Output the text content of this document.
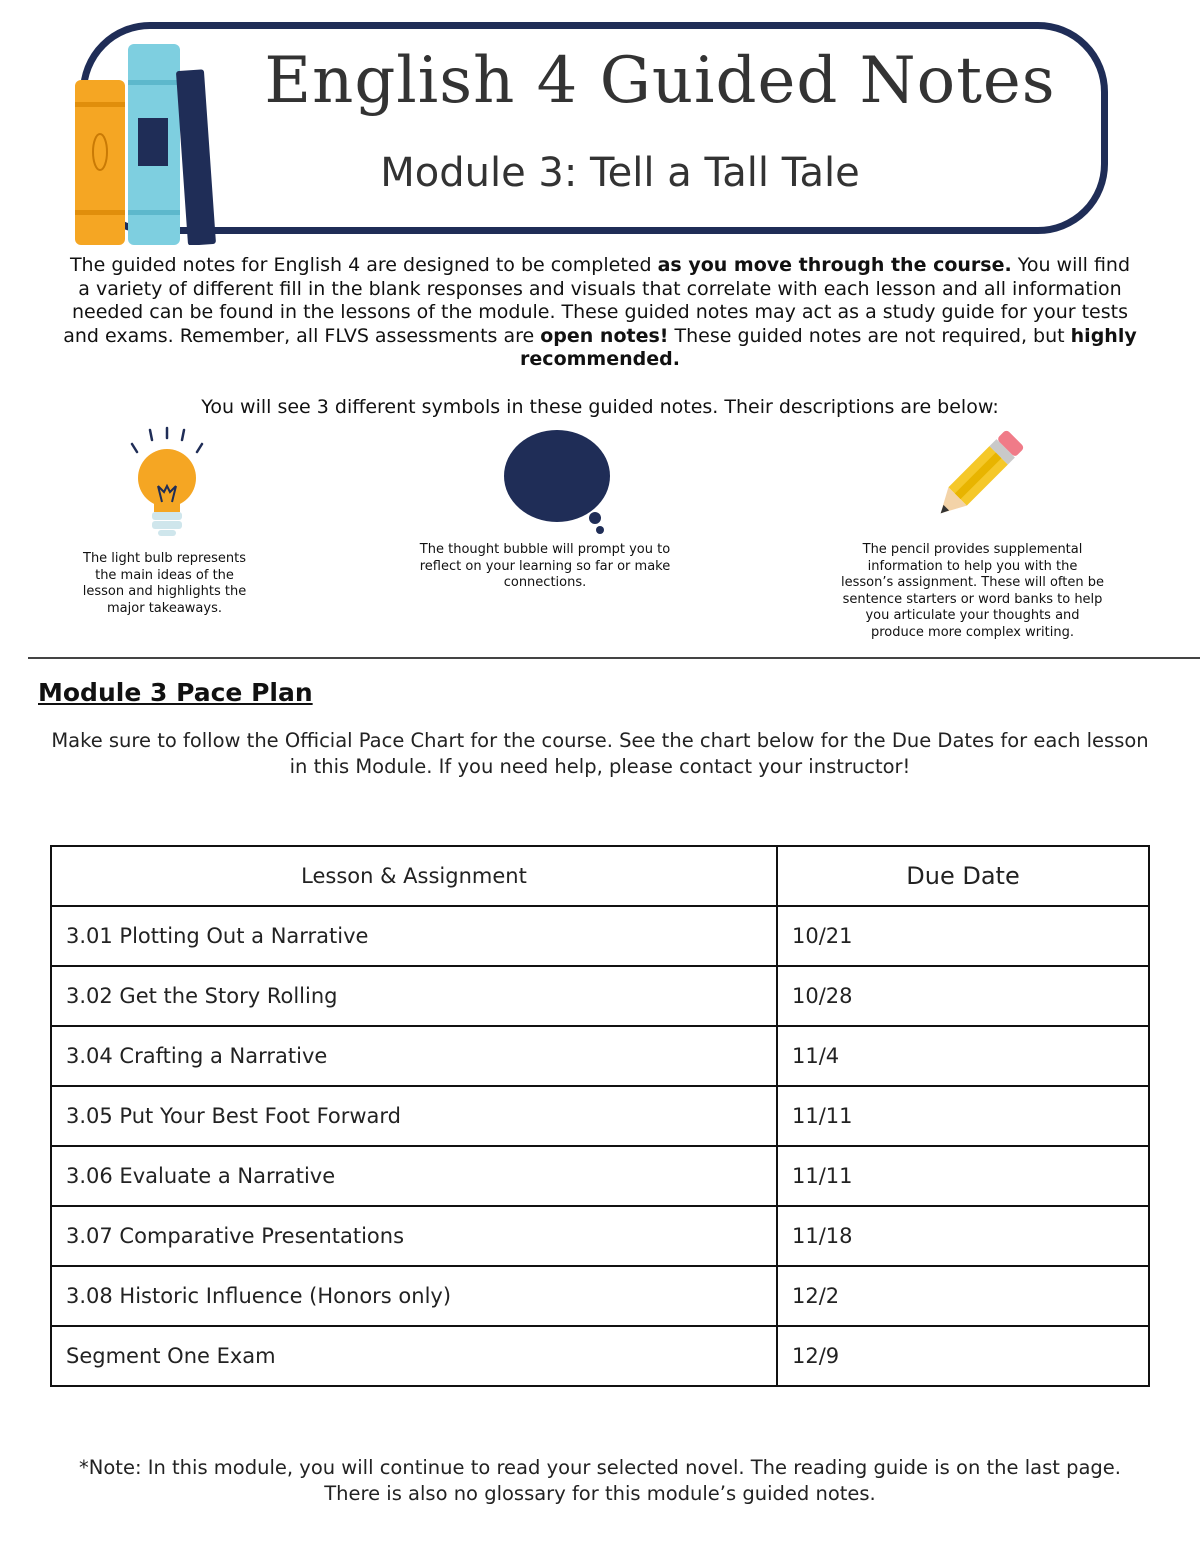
English 4 Guided Notes
Module 3: Tell a Tall Tale
The guided notes for English 4 are designed to be completed as you move through the course. You will find a variety of different fill in the blank responses and visuals that correlate with each lesson and all information needed can be found in the lessons of the module. These guided notes may act as a study guide for your tests and exams. Remember, all FLVS assessments are open notes! These guided notes are not required, but highly recommended.
You will see 3 different symbols in these guided notes. Their descriptions are below:
The light bulb represents the main ideas of the lesson and highlights the major takeaways.
The thought bubble will prompt you to reflect on your learning so far or make connections.
The pencil provides supplemental information to help you with the lesson’s assignment. These will often be sentence starters or word banks to help you articulate your thoughts and produce more complex writing.
Module 3 Pace Plan
Make sure to follow the Official Pace Chart for the course. See the chart below for the Due Dates for each lesson in this Module. If you need help, please contact your instructor!
Lesson & Assignment	Due Date
3.01 Plotting Out a Narrative	10/21
3.02 Get the Story Rolling	10/28
3.04 Crafting a Narrative	11/4
3.05 Put Your Best Foot Forward	11/11
3.06 Evaluate a Narrative	11/11
3.07 Comparative Presentations	11/18
3.08 Historic Influence (Honors only)	12/2
Segment One Exam	12/9
*Note: In this module, you will continue to read your selected novel. The reading guide is on the last page. There is also no glossary for this module’s guided notes.
